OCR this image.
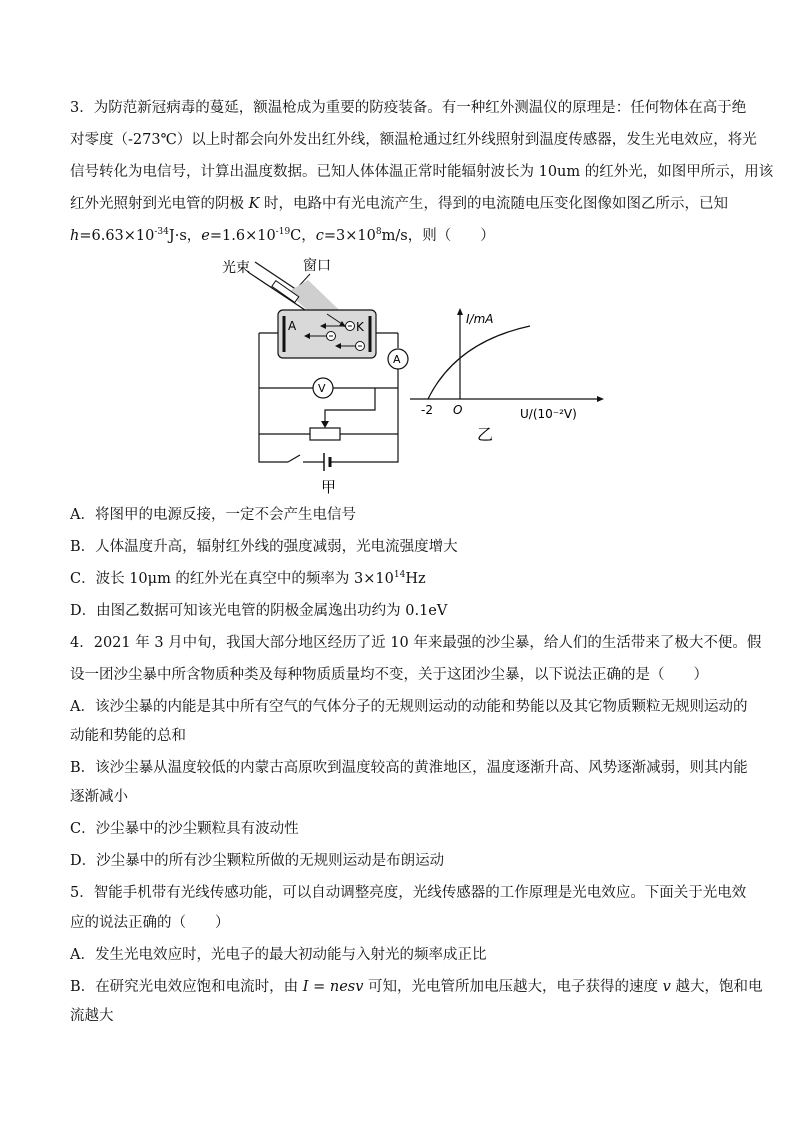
3．为防范新冠病毒的蔓延，额温枪成为重要的防疫装备。有一种红外测温仪的原理是：任何物体在高于绝
对零度（-273℃）以上时都会向外发出红外线，额温枪通过红外线照射到温度传感器，发生光电效应，将光
信号转化为电信号，计算出温度数据。已知人体体温正常时能辐射波长为 10um 的红外光，如图甲所示，用该
红外光照射到光电管的阴极 K 时，电路中有光电流产生，得到的电流随电压变化图像如图乙所示，已知
$h=6.63\times 10^{-34}J\cdot s$，$e=1.6\times 10^{-19}C$，$c=3\times 10^8m/s$，则（　　）
光束	窗口
A	K
A
V
甲
I/mA
U/(10⁻²V)
O
-2
乙
A．将图甲的电源反接，一定不会产生电信号
B．人体温度升高，辐射红外线的强度减弱，光电流强度增大
C．波长 10μm 的红外光在真空中的频率为 $3\times 10^{14}Hz$
D．由图乙数据可知该光电管的阴极金属逸出功约为 0.1eV
4．2021 年 3 月中旬，我国大部分地区经历了近 10 年来最强的沙尘暴，给人们的生活带来了极大不便。假
设一团沙尘暴中所含物质种类及每种物质质量均不变，关于这团沙尘暴，以下说法正确的是（　　）
A．该沙尘暴的内能是其中所有空气的气体分子的无规则运动的动能和势能以及其它物质颗粒无规则运动的
动能和势能的总和
B．该沙尘暴从温度较低的内蒙古高原吹到温度较高的黄淮地区，温度逐渐升高、风势逐渐减弱，则其内能
逐渐减小
C．沙尘暴中的沙尘颗粒具有波动性
D．沙尘暴中的所有沙尘颗粒所做的无规则运动是布朗运动
5．智能手机带有光线传感功能，可以自动调整亮度，光线传感器的工作原理是光电效应。下面关于光电效
应的说法正确的（　　）
A．发生光电效应时，光电子的最大初动能与入射光的频率成正比
B．在研究光电效应饱和电流时，由 I = nesv 可知，光电管所加电压越大，电子获得的速度 v 越大，饱和电
流越大
